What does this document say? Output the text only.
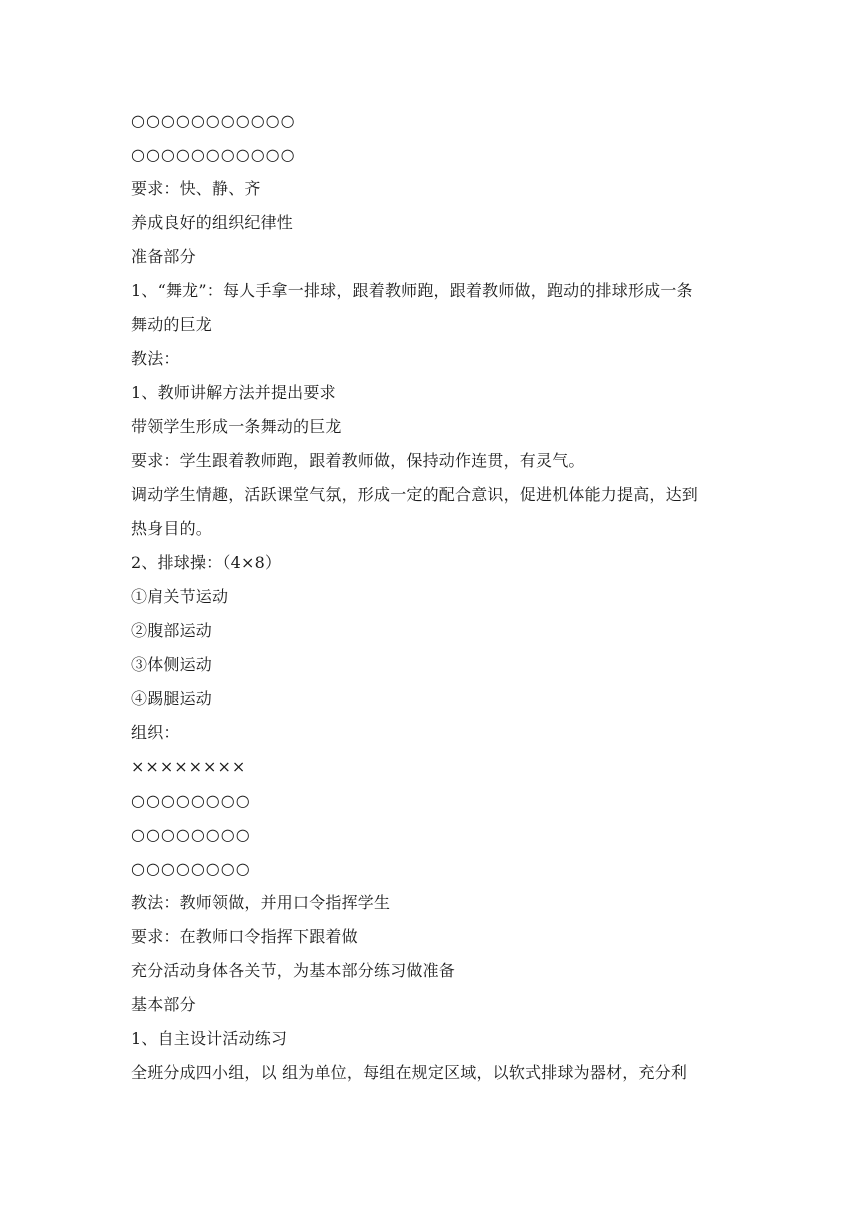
○○○○○○○○○○○
○○○○○○○○○○○
要求：快、静、齐
养成良好的组织纪律性
准备部分
1、“舞龙”：每人手拿一排球，跟着教师跑，跟着教师做，跑动的排球形成一条
舞动的巨龙
教法：
1、教师讲解方法并提出要求
带领学生形成一条舞动的巨龙
要求：学生跟着教师跑，跟着教师做，保持动作连贯，有灵气。
调动学生情趣，活跃课堂气氛，形成一定的配合意识，促进机体能力提高，达到
热身目的。
2、排球操：（4×8）
①肩关节运动
②腹部运动
③体侧运动
④踢腿运动
组织：
××××××××
○○○○○○○○
○○○○○○○○
○○○○○○○○
教法：教师领做，并用口令指挥学生
要求：在教师口令指挥下跟着做
充分活动身体各关节，为基本部分练习做准备
基本部分
1、自主设计活动练习
全班分成四小组，以 组为单位，每组在规定区域，以软式排球为器材，充分利
